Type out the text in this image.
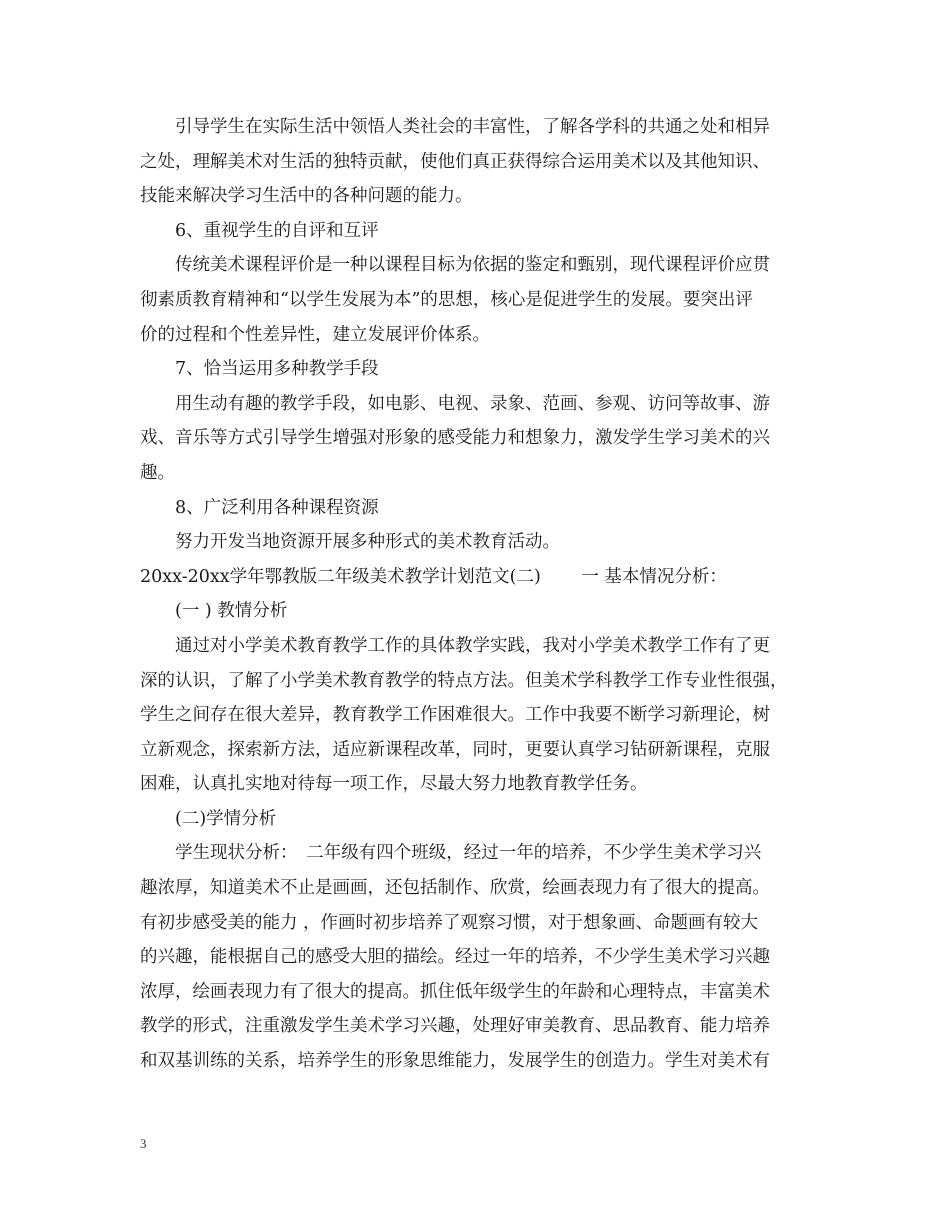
引导学生在实际生活中领悟人类社会的丰富性，了解各学科的共通之处和相异
之处，理解美术对生活的独特贡献，使他们真正获得综合运用美术以及其他知识、
技能来解决学习生活中的各种问题的能力。
6、重视学生的自评和互评
传统美术课程评价是一种以课程目标为依据的鉴定和甄别，现代课程评价应贯
彻素质教育精神和“以学生发展为本”的思想，核心是促进学生的发展。要突出评
价的过程和个性差异性，建立发展评价体系。
7、恰当运用多种教学手段
用生动有趣的教学手段，如电影、电视、录象、范画、参观、访问等故事、游
戏、音乐等方式引导学生增强对形象的感受能力和想象力，激发学生学习美术的兴
趣。
8、广泛利用各种课程资源
努力开发当地资源开展多种形式的美术教育活动。
20xx-20xx学年鄂教版二年级美术教学计划范文(二)　　 一 基本情况分析：
(一 ) 教情分析
通过对小学美术教育教学工作的具体教学实践，我对小学美术教学工作有了更
深的认识，了解了小学美术教育教学的特点方法。但美术学科教学工作专业性很强，
学生之间存在很大差异，教育教学工作困难很大。工作中我要不断学习新理论，树
立新观念，探索新方法，适应新课程改革，同时，更要认真学习钻研新课程，克服
困难，认真扎实地对待每一项工作，尽最大努力地教育教学任务。
(二)学情分析
学生现状分析：　二年级有四个班级，经过一年的培养，不少学生美术学习兴
趣浓厚，知道美术不止是画画，还包括制作、欣赏，绘画表现力有了很大的提高。
有初步感受美的能力 ，作画时初步培养了观察习惯，对于想象画、命题画有较大
的兴趣，能根据自己的感受大胆的描绘。经过一年的培养，不少学生美术学习兴趣
浓厚，绘画表现力有了很大的提高。抓住低年级学生的年龄和心理特点，丰富美术
教学的形式，注重激发学生美术学习兴趣，处理好审美教育、思品教育、能力培养
和双基训练的关系，培养学生的形象思维能力，发展学生的创造力。学生对美术有
3
